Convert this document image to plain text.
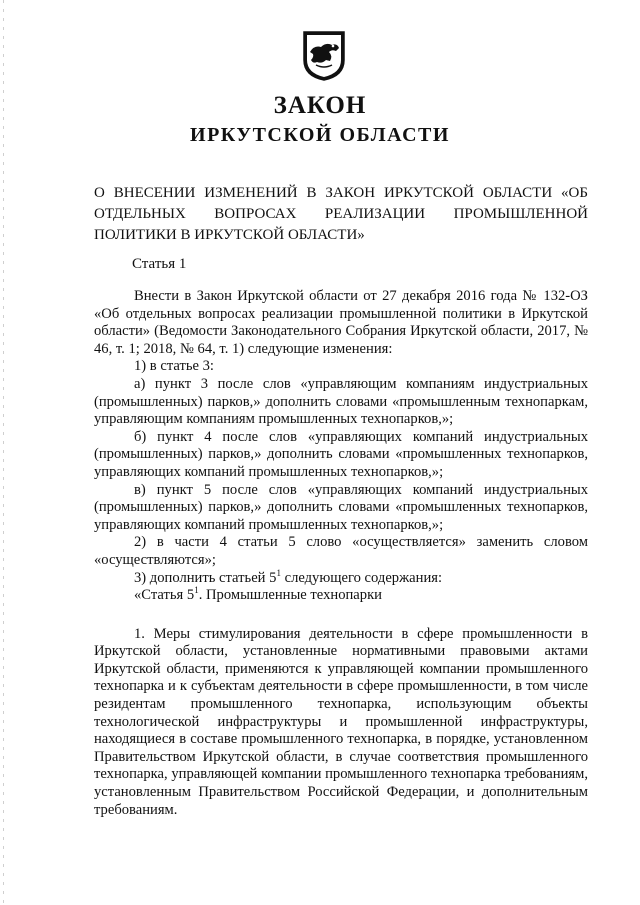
ЗАКОН
ИРКУТСКОЙ ОБЛАСТИ
О ВНЕСЕНИИ ИЗМЕНЕНИЙ В ЗАКОН ИРКУТСКОЙ ОБЛАСТИ «ОБ ОТДЕЛЬНЫХ ВОПРОСАХ РЕАЛИЗАЦИИ ПРОМЫШЛЕННОЙ ПОЛИТИКИ В ИРКУТСКОЙ ОБЛАСТИ»
Статья 1

Внести в Закон Иркутской области от 27 декабря 2016 года № 132-ОЗ «Об отдельных вопросах реализации промышленной политики в Иркутской области» (Ведомости Законодательного Собрания Иркутской области, 2017, № 46, т. 1; 2018, № 64, т. 1) следующие изменения:

1) в статье 3:

а) пункт 3 после слов «управляющим компаниям индустриальных (промышленных) парков,» дополнить словами «промышленным технопаркам, управляющим компаниям промышленных технопарков,»;

б) пункт 4 после слов «управляющих компаний индустриальных (промышленных) парков,» дополнить словами «промышленных технопарков, управляющих компаний промышленных технопарков,»;

в) пункт 5 после слов «управляющих компаний индустриальных (промышленных) парков,» дополнить словами «промышленных технопарков, управляющих компаний промышленных технопарков,»;

2) в части 4 статьи 5 слово «осуществляется» заменить словом «осуществляются»;

3) дополнить статьей $5^1$ следующего содержания:

«Статья $5^1$. Промышленные технопарки

1. Меры стимулирования деятельности в сфере промышленности в Иркутской области, установленные нормативными правовыми актами Иркутской области, применяются к управляющей компании промышленного технопарка и к субъектам деятельности в сфере промышленности, в том числе резидентам промышленного технопарка, использующим объекты технологической инфраструктуры и промышленной инфраструктуры, находящиеся в составе промышленного технопарка, в порядке, установленном Правительством Иркутской области, в случае соответствия промышленного технопарка, управляющей компании промышленного технопарка требованиям, установленным Правительством Российской Федерации, и дополнительным требованиям.
